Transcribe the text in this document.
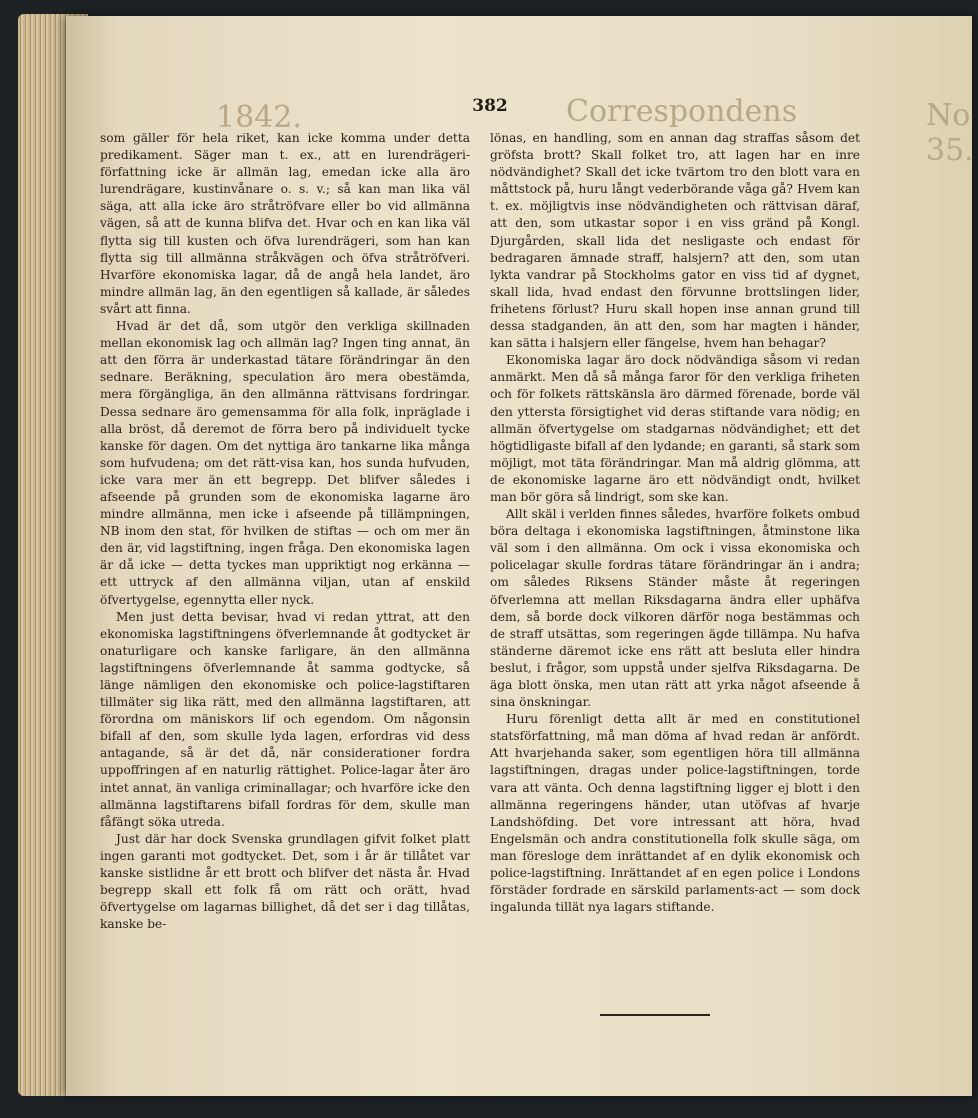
1842.	Correspondens	No 35.
382

som gäller för hela riket, kan icke komma under detta predikament. Säger man t. ex., att en lurendrägeri-författning icke är allmän lag, emedan icke alla äro lurendrägare, kustinvånare o. s. v.; så kan man lika väl säga, att alla icke äro stråtröfvare eller bo vid allmänna vägen, så att de kunna blifva det. Hvar och en kan lika väl flytta sig till kusten och öfva lurendrägeri, som han kan flytta sig till allmänna stråkvägen och öfva stråtröfveri. Hvarföre ekonomiska lagar, då de angå hela landet, äro mindre allmän lag, än den egentligen så kallade, är således svårt att finna.

Hvad är det då, som utgör den verkliga skillnaden mellan ekonomisk lag och allmän lag? Ingen ting annat, än att den förra är underkastad tätare förändringar än den sednare. Beräkning, speculation äro mera obestämda, mera förgängliga, än den allmänna rättvisans fordringar. Dessa sednare äro gemensamma för alla folk, inpräglade i alla bröst, då deremot de förra bero på individuelt tycke kanske för dagen. Om det nyttiga äro tankarne lika många som hufvudena; om det rätt-visa kan, hos sunda hufvuden, icke vara mer än ett begrepp. Det blifver således i afseende på grunden som de ekonomiska lagarne äro mindre allmänna, men icke i afseende på tillämpningen, NB inom den stat, för hvilken de stiftas — och om mer än den är, vid lagstiftning, ingen fråga. Den ekonomiska lagen är då icke — detta tyckes man uppriktigt nog erkänna — ett uttryck af den allmänna viljan, utan af enskild öfvertygelse, egennytta eller nyck.

Men just detta bevisar, hvad vi redan yttrat, att den ekonomiska lagstiftningens öfverlemnande åt godtycket är onaturligare och kanske farligare, än den allmänna lagstiftningens öfverlemnande åt samma godtycke, så länge nämligen den ekonomiske och police-lagstiftaren tillmäter sig lika rätt, med den allmänna lagstiftaren, att förordna om mäniskors lif och egendom. Om någonsin bifall af den, som skulle lyda lagen, erfordras vid dess antagande, så är det då, när considerationer fordra uppoffringen af en naturlig rättighet. Police-lagar åter äro intet annat, än vanliga criminallagar; och hvarföre icke den allmänna lagstiftarens bifall fordras för dem, skulle man fåfängt söka utreda.

Just där har dock Svenska grundlagen gifvit folket platt ingen garanti mot godtycket. Det, som i år är tillåtet var kanske sistlidne år ett brott och blifver det nästa år. Hvad begrepp skall ett folk få om rätt och orätt, hvad öfvertygelse om lagarnas billighet, då det ser i dag tillåtas, kanske be-

lönas, en handling, som en annan dag straffas såsom det gröfsta brott? Skall folket tro, att lagen har en inre nödvändighet? Skall det icke tvärtom tro den blott vara en måttstock på, huru långt vederbörande våga gå? Hvem kan t. ex. möjligtvis inse nödvändigheten och rättvisan däraf, att den, som utkastar sopor i en viss gränd på Kongl. Djurgården, skall lida det nesligaste och endast för bedragaren ämnade straff, halsjern? att den, som utan lykta vandrar på Stockholms gator en viss tid af dygnet, skall lida, hvad endast den förvunne brottslingen lider, frihetens förlust? Huru skall hopen inse annan grund till dessa stadganden, än att den, som har magten i händer, kan sätta i halsjern eller fängelse, hvem han behagar?

Ekonomiska lagar äro dock nödvändiga såsom vi redan anmärkt. Men då så många faror för den verkliga friheten och för folkets rättskänsla äro därmed förenade, borde väl den yttersta försigtighet vid deras stiftande vara nödig; en allmän öfvertygelse om stadgarnas nödvändighet; ett det högtidligaste bifall af den lydande; en garanti, så stark som möjligt, mot täta förändringar. Man må aldrig glömma, att de ekonomiske lagarne äro ett nödvändigt ondt, hvilket man bör göra så lindrigt, som ske kan.

Allt skäl i verlden finnes således, hvarföre folkets ombud böra deltaga i ekonomiska lagstiftningen, åtminstone lika väl som i den allmänna. Om ock i vissa ekonomiska och policelagar skulle fordras tätare förändringar än i andra; om således Riksens Ständer måste åt regeringen öfverlemna att mellan Riksdagarna ändra eller uphäfva dem, så borde dock vilkoren därför noga bestämmas och de straff utsättas, som regeringen ägde tillämpa. Nu hafva ständerne däremot icke ens rätt att besluta eller hindra beslut, i frågor, som uppstå under sjelfva Riksdagarna. De äga blott önska, men utan rätt att yrka något afseende å sina önskningar.

Huru förenligt detta allt är med en constitutionel statsförfattning, må man döma af hvad redan är anfördt. Att hvarjehanda saker, som egentligen höra till allmänna lagstiftningen, dragas under police-lagstiftningen, torde vara att vänta. Och denna lagstiftning ligger ej blott i den allmänna regeringens händer, utan utöfvas af hvarje Landshöfding. Det vore intressant att höra, hvad Engelsmän och andra constitutionella folk skulle säga, om man föresloge dem inrättandet af en dylik ekonomisk och police-lagstiftning. Inrättandet af en egen police i Londons förstäder fordrade en särskild parlaments-act — som dock ingalunda tillät nya lagars stiftande.
